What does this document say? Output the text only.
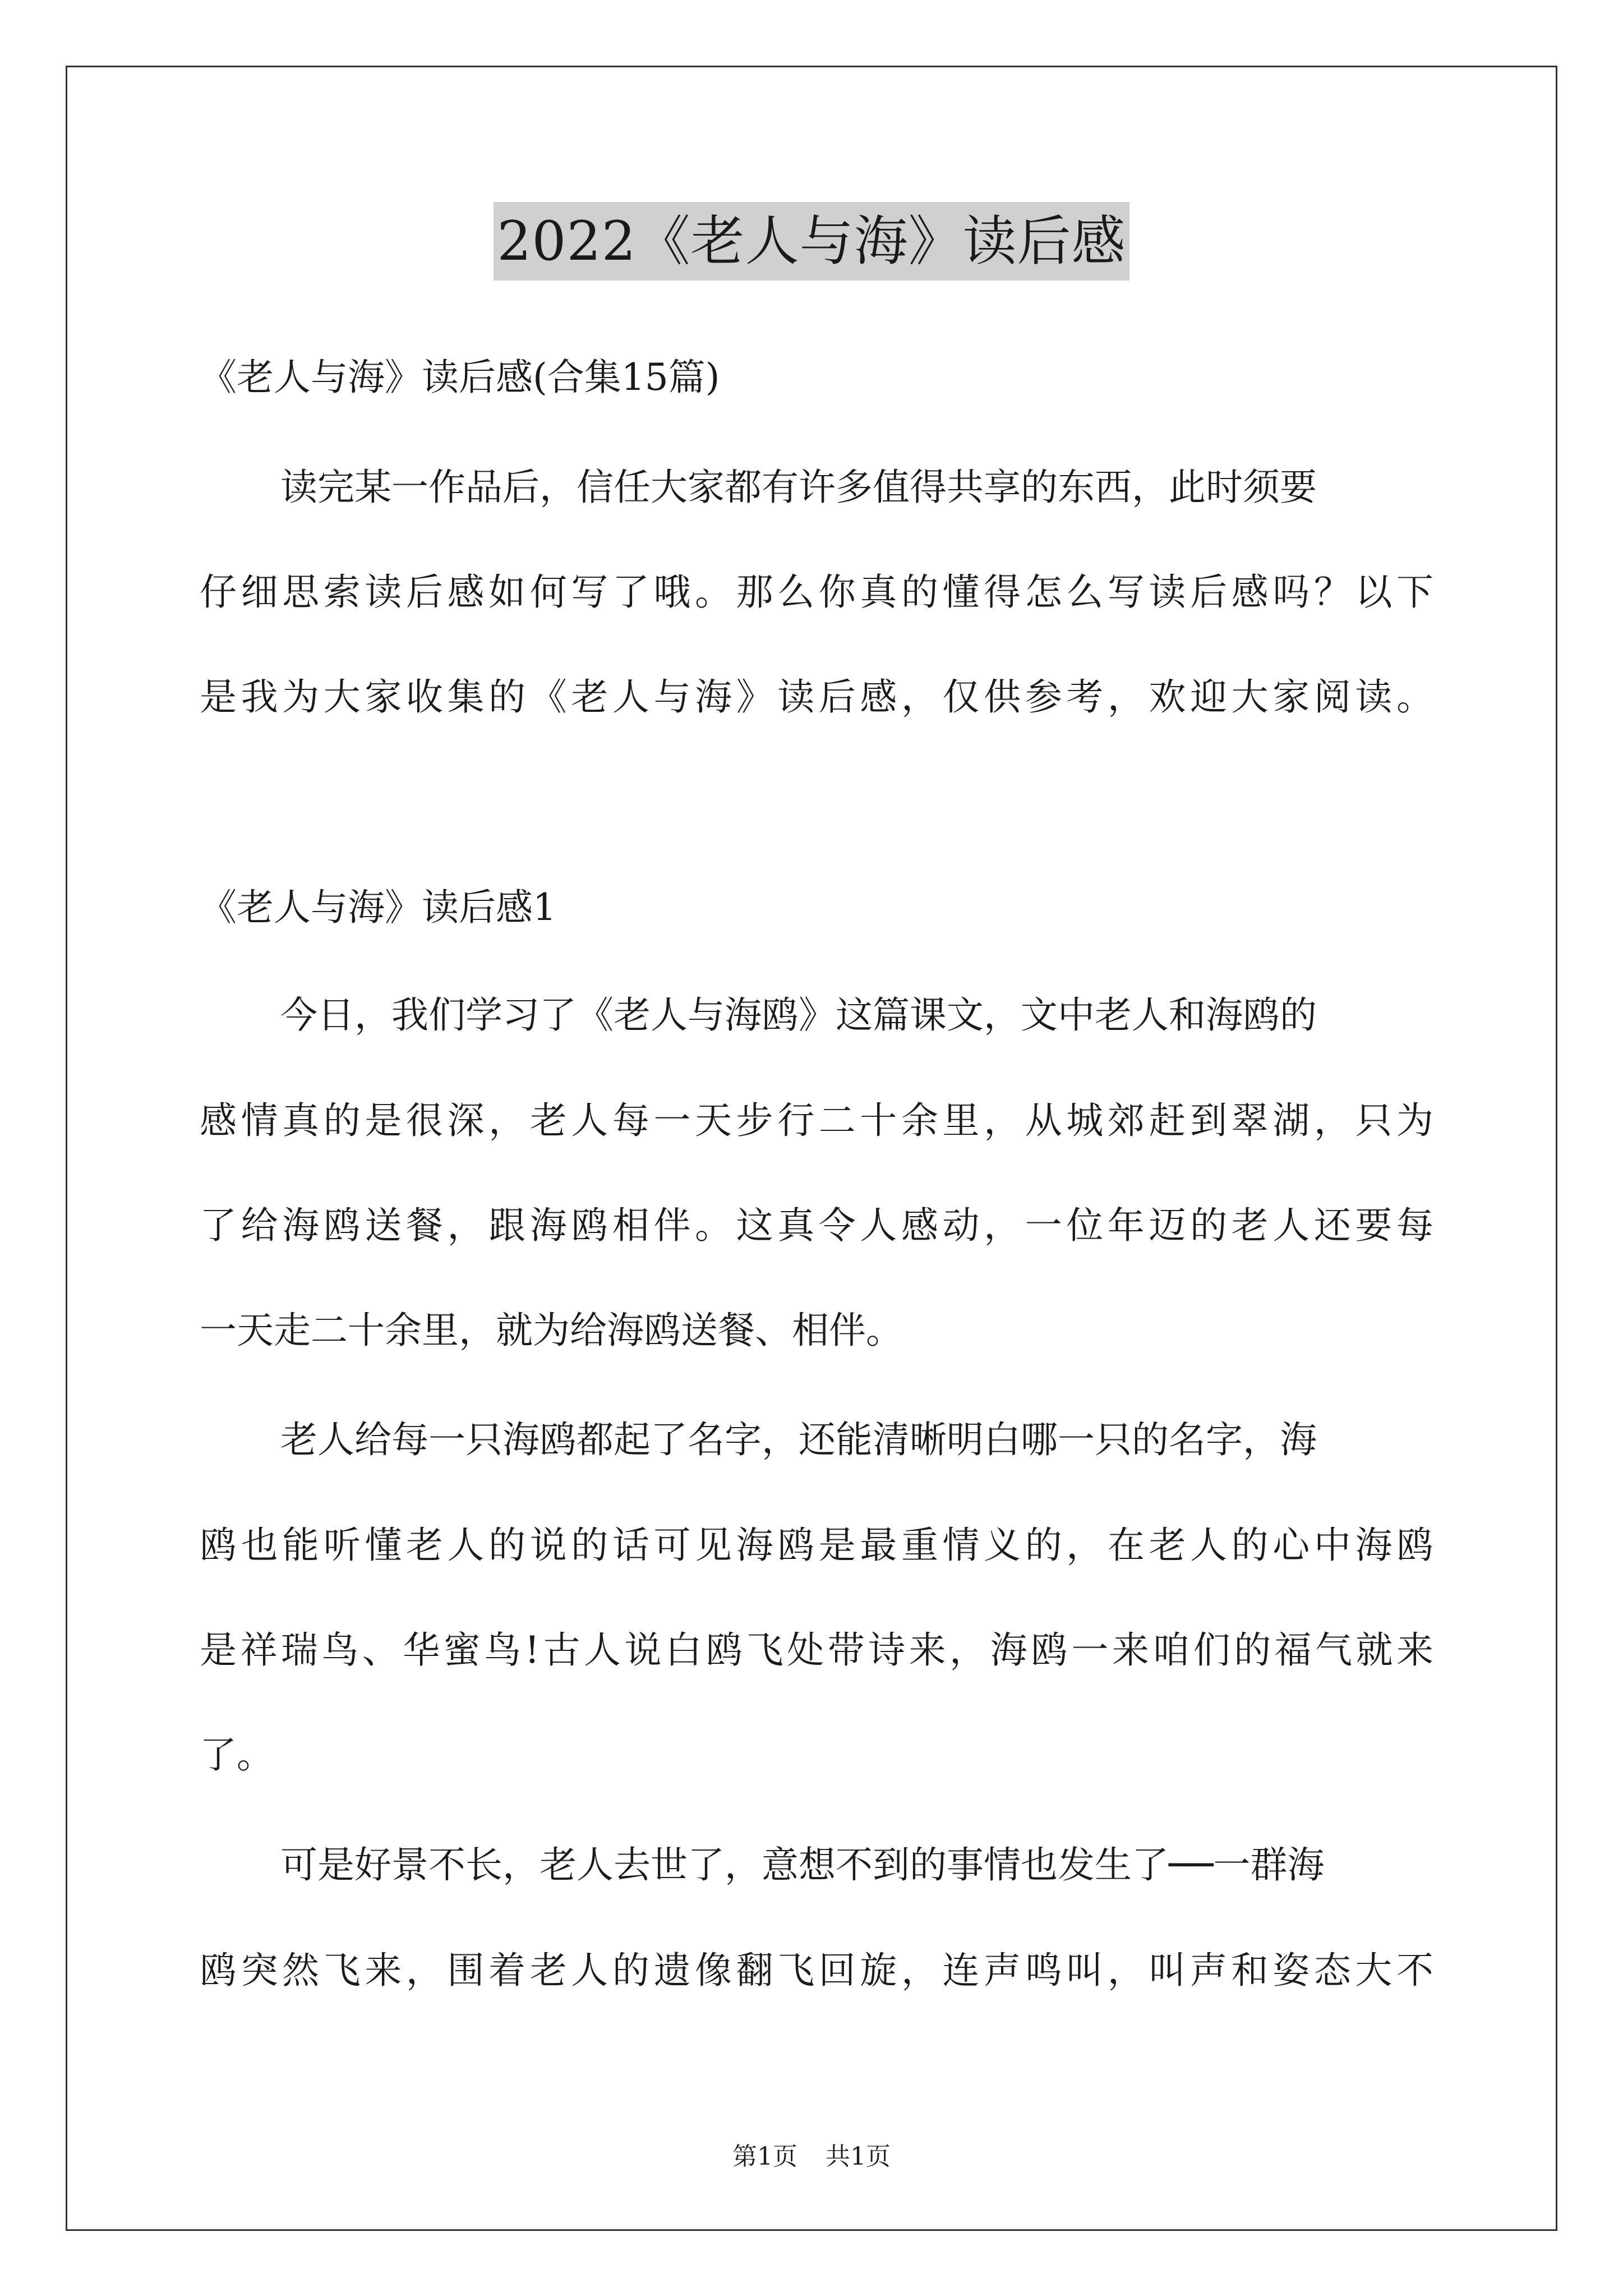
2022《老人与海》读后感
《老人与海》读后感(合集15篇)
读完某一作品后，信任大家都有许多值得共享的东西，此时须要
仔细思索读后感如何写了哦。那么你真的懂得怎么写读后感吗？以下
是我为大家收集的《老人与海》读后感，仅供参考，欢迎大家阅读。
《老人与海》读后感1
今日，我们学习了《老人与海鸥》这篇课文，文中老人和海鸥的
感情真的是很深，老人每一天步行二十余里，从城郊赶到翠湖，只为
了给海鸥送餐，跟海鸥相伴。这真令人感动，一位年迈的老人还要每
一天走二十余里，就为给海鸥送餐、相伴。
老人给每一只海鸥都起了名字，还能清晰明白哪一只的名字，海
鸥也能听懂老人的说的话可见海鸥是最重情义的，在老人的心中海鸥
是祥瑞鸟、华蜜鸟!古人说白鸥飞处带诗来，海鸥一来咱们的福气就来
了。
可是好景不长，老人去世了，意想不到的事情也发生了──一群海
鸥突然飞来，围着老人的遗像翻飞回旋，连声鸣叫，叫声和姿态大不
第1页 共1页
